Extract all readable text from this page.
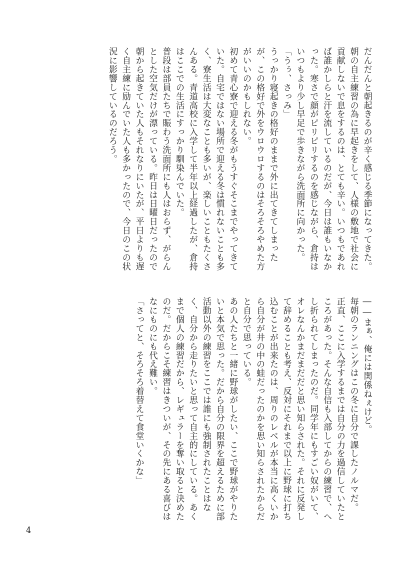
だんだんと朝起きるのが辛く感じる季節になってきた。
朝の自主練習の為に早起きをして、人様の敷地で社会に貢献しないで息をするのは、とても辛い。いつもであれば誰かしらと汗を流しているのだが、今日は誰もいなかった。寒さで顔がピリピリするのを感じながら、倉持はいつもより少し早足で歩きながら洗面所に向かった。
「うぅ、さっみ」
うっかり寝起きの格好のままで外に出てきてしまったが、この格好で外をウロウロするのはそろそろやめた方がいいのかもしれない。
初めて青心寮で迎える冬がもうすぐそこまでやってきていた。自宅ではない場所で迎える冬は慣れないことも多く、寮生活は大変なことも多いが、楽しいこともたくさんある。青道高校に入学して半年以上経過したが、倉持はここでの生活にすっかり馴染んでいた。
普段は部員たちで賑わう洗面所にも人はおらず、がらんとした空気だけが漂っている。昨日は日曜日だったので朝から起きていた人もそれなりにいたが、平日よりも遅く自主練に励んでいた人も多かったので、今日のこの状況に影響しているのだろう。
――まぁ、俺には関係ねぇけど。
毎朝のランニングはこの冬に自分で課したノルマだ。
正直、ここに入学するまでは自分の力を過信していたところがあった。そんな自信も入部してからの練習で、へし折られてしまったのだ。同学年にもすごい奴がいて、オレなんかまだまだだと思い知らされた。それに反発して辞めることも考え、反対にそれまで以上に野球に打ち込むことが出来たのは、周りのレベルが本当に高くいから自分が井の中の蛙だったのかを思い知らされたからだと自分で思っている。
あの人たちと一緒に野球がしたい、ここで野球がやりたいと本気で思った。だから自分の限界を超えるために部活動以外の練習をここでは誰にも強制されたことはなく、自分から走りたいと思って自主的にしている。あくまで個人の練習だから、レギュラーを奪い取ると決めたのだ。だからこそ練習はきついが、その先にある喜びはなにものにも代え難い。
「さってと、そろそろ着替えて食堂いくかな」
4
